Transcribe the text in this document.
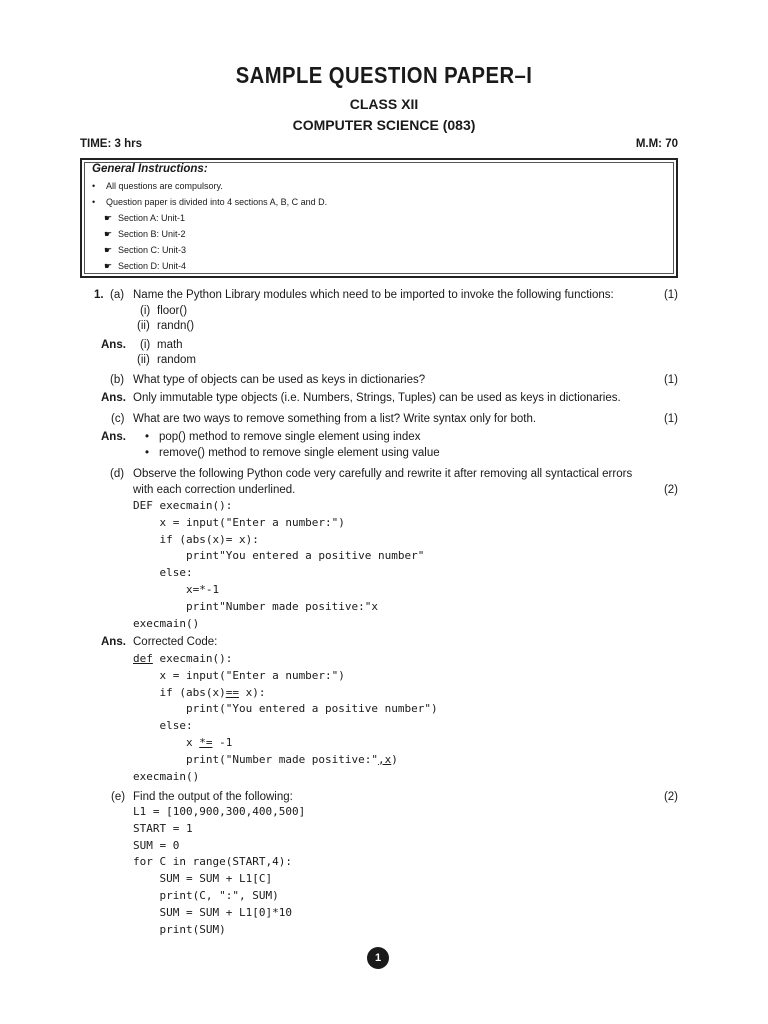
SAMPLE QUESTION PAPER–I
CLASS XII
COMPUTER SCIENCE (083)
TIME: 3 hrs	M.M: 70
General Instructions:
•	All questions are compulsory.
•	Question paper is divided into 4 sections A, B, C and D.
☛ Section A: Unit-1
☛ Section B: Unit-2
☛ Section C: Unit-3
☛ Section D: Unit-4
1. (a) Name the Python Library modules which need to be imported to invoke the following functions:	(1)
(i) floor()
(ii) randn()
Ans. (i) math
(ii) random
(b) What type of objects can be used as keys in dictionaries?	(1)
Ans. Only immutable type objects (i.e. Numbers, Strings, Tuples) can be used as keys in dictionaries.
(c) What are two ways to remove something from a list? Write syntax only for both.	(1)
Ans. • pop() method to remove single element using index
• remove() method to remove single element using value
(d) Observe the following Python code very carefully and rewrite it after removing all syntactical errors
with each correction underlined.	(2)
DEF execmain():
x = input("Enter a number:")
if (abs(x)= x):
print"You entered a positive number"
else:
x=*-1
print"Number made positive:"x
execmain()
Ans. Corrected Code:
def execmain():
x = input("Enter a number:")
if (abs(x)== x):
print("You entered a positive number")
else:
x *= -1
print("Number made positive:",x)
execmain()
(e) Find the output of the following:	(2)
L1 = [100,900,300,400,500]
START = 1
SUM = 0
for C in range(START,4):
SUM = SUM + L1[C]
print(C, ":", SUM)
SUM = SUM + L1[0]*10
print(SUM)
1
